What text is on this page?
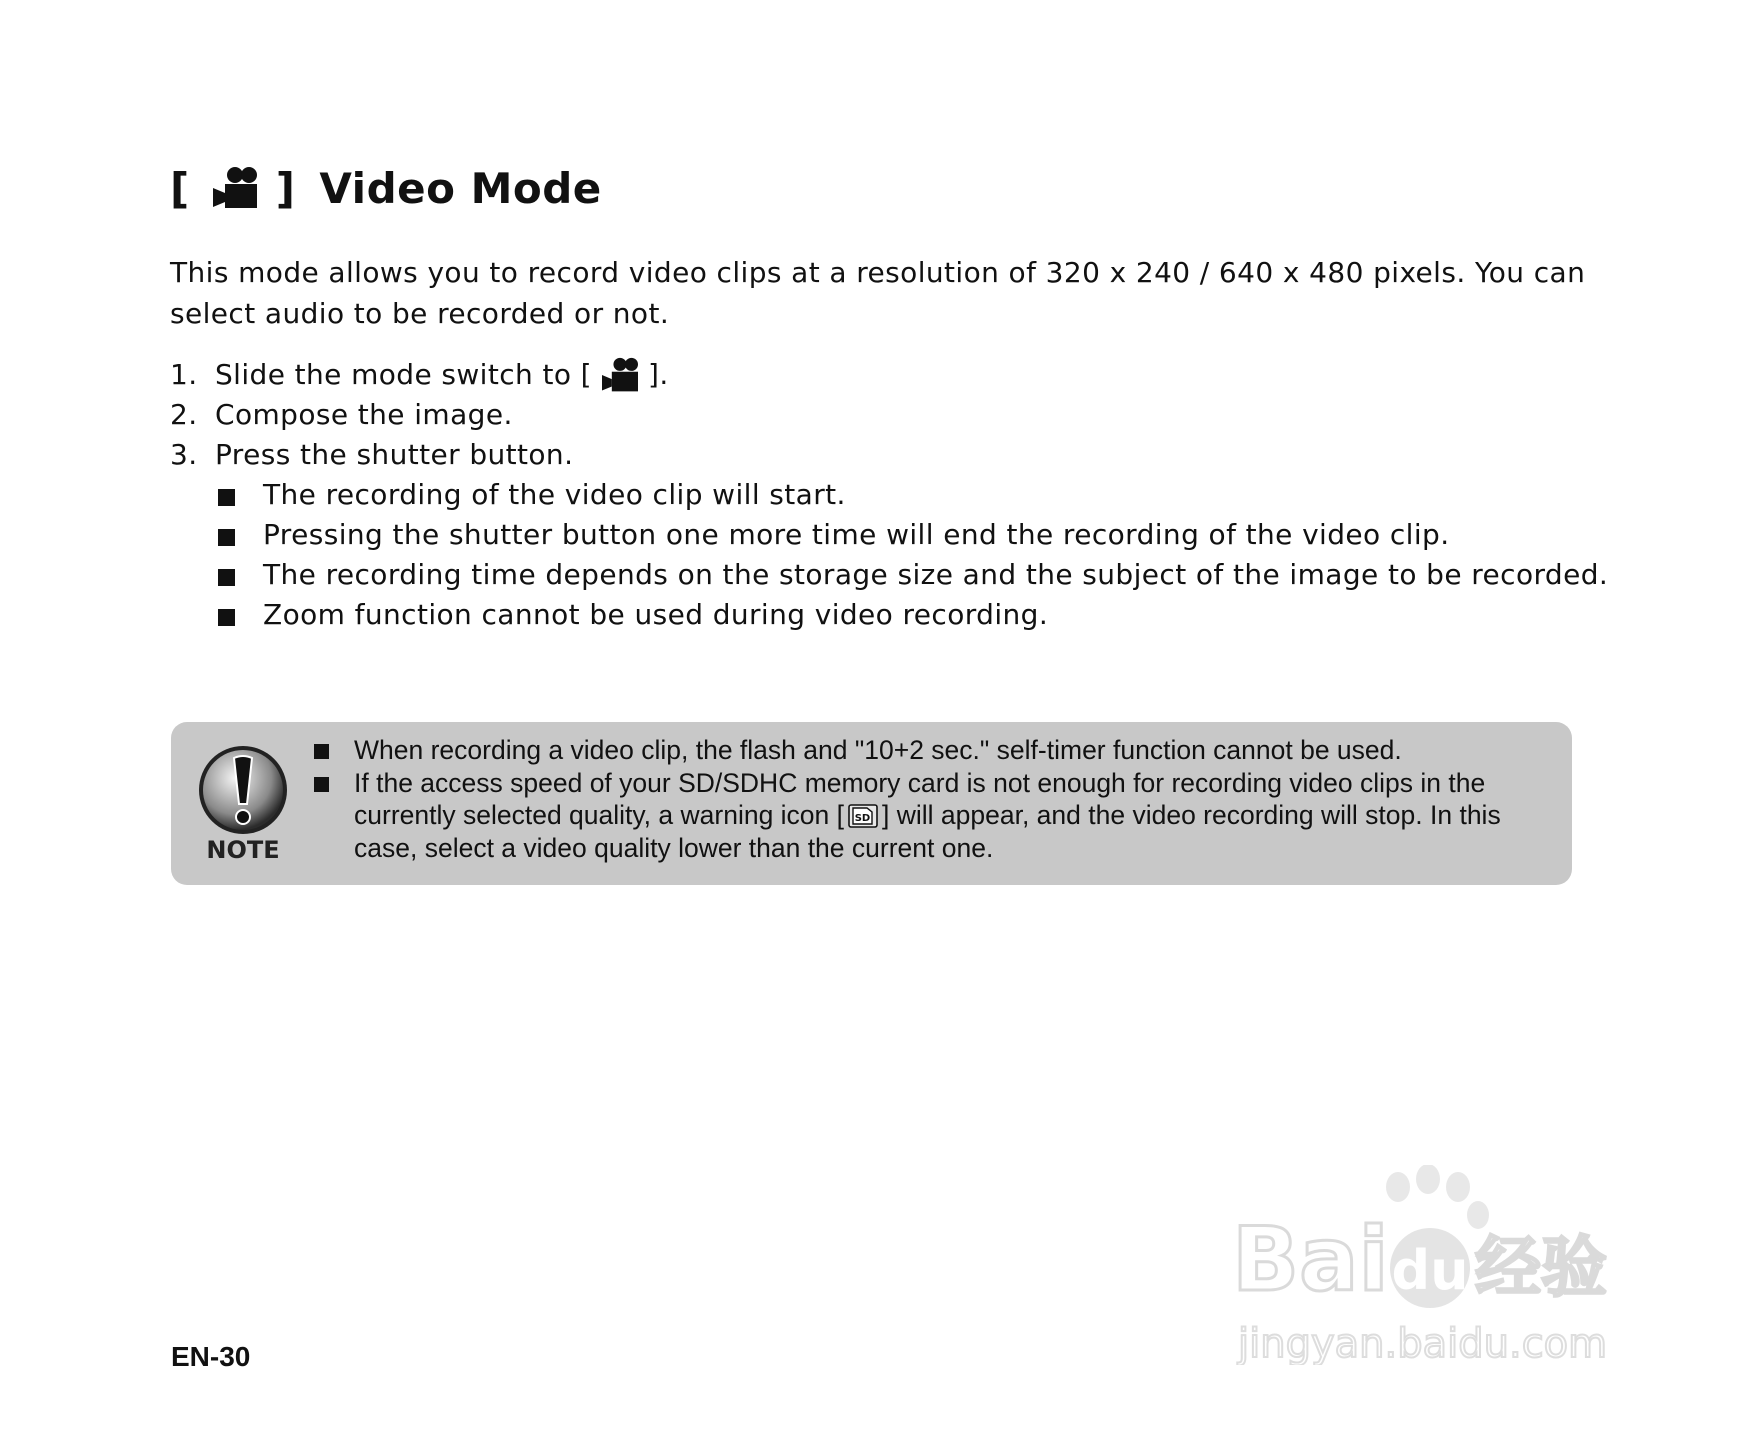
[ ] Video Mode
This mode allows you to record video clips at a resolution of 320 x 240 / 640 x 480 pixels. You can select audio to be recorded or not.
1. Slide the mode switch to [ ].
2. Compose the image.
3. Press the shutter button.
The recording of the video clip will start.
Pressing the shutter button one more time will end the recording of the video clip.
The recording time depends on the storage size and the subject of the image to be recorded.
Zoom function cannot be used during video recording.
NOTE
When recording a video clip, the flash and "10+2 sec." self-timer function cannot be used.
If the access speed of your SD/SDHC memory card is not enough for recording video clips in the currently selected quality, a warning icon [ SD ] will appear, and the video recording will stop. In this case, select a video quality lower than the current one.
EN-30
Bai du 经验
jingyan.baidu.com
